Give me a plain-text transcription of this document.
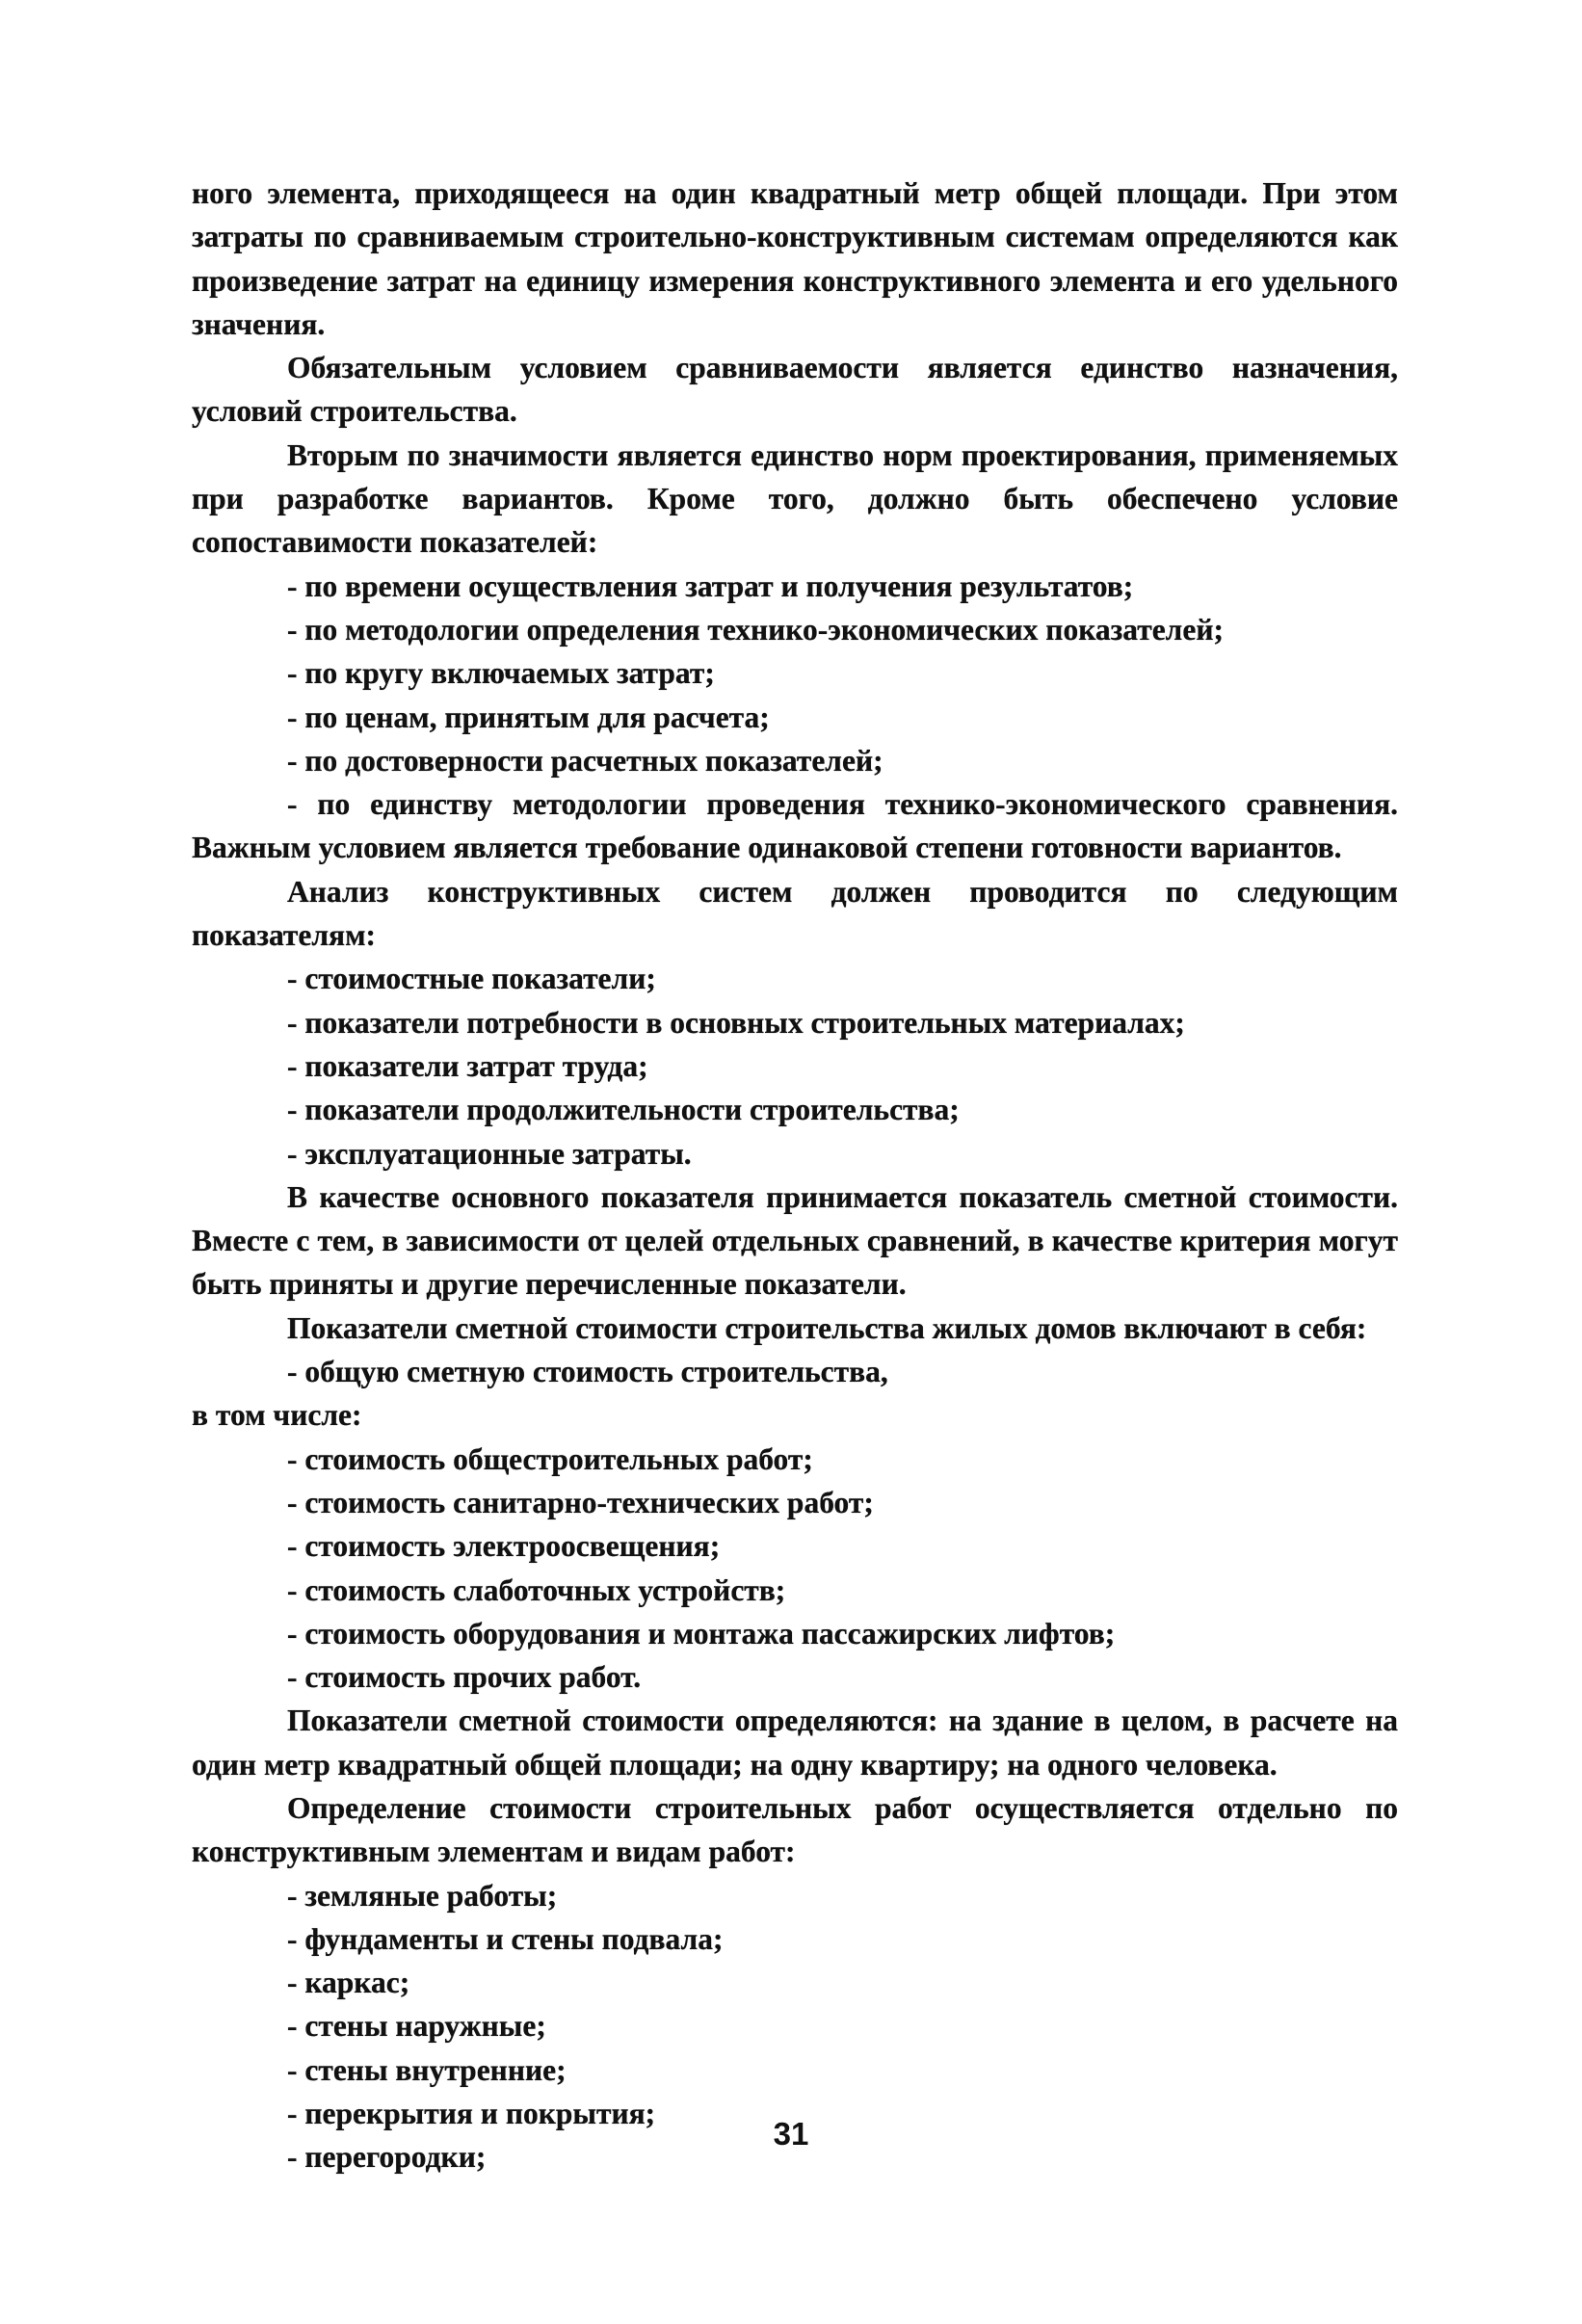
ного элемента, приходящееся на один квадратный метр общей площади. При этом затраты по сравниваемым строительно-конструктивным системам определяются как произведение затрат на единицу измерения конструктивного элемента и его удельного значения.

Обязательным условием сравниваемости является единство назначения, условий строительства.

Вторым по значимости является единство норм проектирования, применяемых при разработке вариантов. Кроме того, должно быть обеспечено условие сопоставимости показателей:

- по времени осуществления затрат и получения результатов;

- по методологии определения технико-экономических показателей;

- по кругу включаемых затрат;

- по ценам, принятым для расчета;

- по достоверности расчетных показателей;

- по единству методологии проведения технико-экономического сравнения. Важным условием является требование одинаковой степени готовности вариантов.

Анализ конструктивных систем должен проводится по следующим показателям:

- стоимостные показатели;

- показатели потребности в основных строительных материалах;

- показатели затрат труда;

- показатели продолжительности строительства;

- эксплуатационные затраты.

В качестве основного показателя принимается показатель сметной стоимости. Вместе с тем, в зависимости от целей отдельных сравнений, в качестве критерия могут быть приняты и другие перечисленные показатели.

Показатели сметной стоимости строительства жилых домов включают в себя:

- общую сметную стоимость строительства,

в том числе:

- стоимость общестроительных работ;

- стоимость санитарно-технических работ;

- стоимость электроосвещения;

- стоимость слаботочных устройств;

- стоимость оборудования и монтажа пассажирских лифтов;

- стоимость прочих работ.

Показатели сметной стоимости определяются: на здание в целом, в расчете на один метр квадратный общей площади; на одну квартиру; на одного человека.

Определение стоимости строительных работ осуществляется отдельно по конструктивным элементам и видам работ:

- земляные работы;

- фундаменты и стены подвала;

- каркас;

- стены наружные;

- стены внутренние;

- перекрытия и покрытия;

- перегородки;

31
